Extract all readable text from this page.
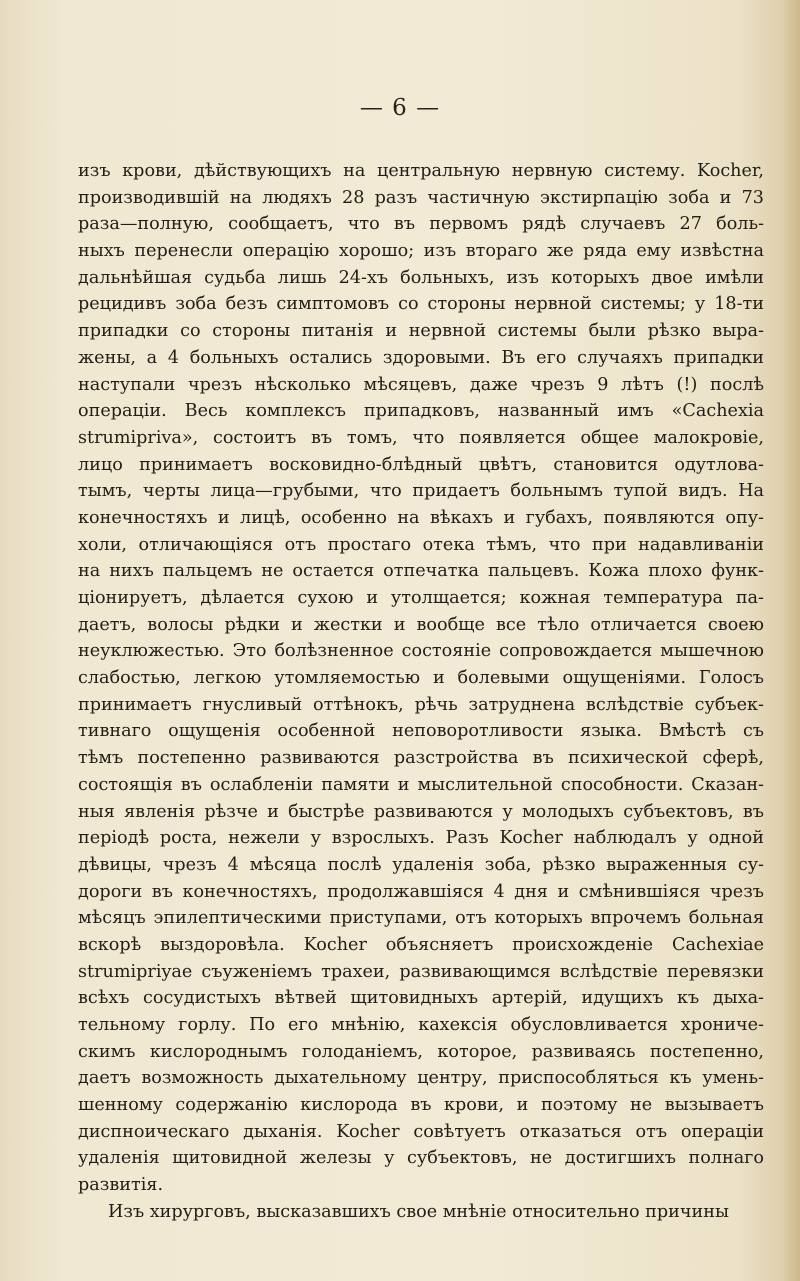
— 6 —
изъ крови, дѣйствующихъ на центральную нервную систему. Kocher,
производившій на людяхъ 28 разъ частичную экстирпацію зоба и 73
раза—полную, сообщаетъ, что въ первомъ рядѣ случаевъ 27 боль-
ныхъ перенесли операцію хорошо; изъ втораго же ряда ему извѣстна
дальнѣйшая судьба лишь 24-хъ больныхъ, изъ которыхъ двое имѣли
рецидивъ зоба безъ симптомовъ со стороны нервной системы; у 18-ти
припадки со стороны питанія и нервной системы были рѣзко выра-
жены, а 4 больныхъ остались здоровыми. Въ его случаяхъ припадки
наступали чрезъ нѣсколько мѣсяцевъ, даже чрезъ 9 лѣтъ (!) послѣ
операціи. Весь комплексъ припадковъ, названный имъ «Cachexia
strumipriva», состоитъ въ томъ, что появляется общее малокровіе,
лицо принимаетъ восковидно-блѣдный цвѣтъ, становится одутлова-
тымъ, черты лица—грубыми, что придаетъ больнымъ тупой видъ. На
конечностяхъ и лицѣ, особенно на вѣкахъ и губахъ, появляются опу-
холи, отличающіяся отъ простаго отека тѣмъ, что при надавливаніи
на нихъ пальцемъ не остается отпечатка пальцевъ. Кожа плохо функ-
ціонируетъ, дѣлается сухою и утолщается; кожная температура па-
даетъ, волосы рѣдки и жестки и вообще все тѣло отличается своею
неуклюжестью. Это болѣзненное состояніе сопровождается мышечною
слабостью, легкою утомляемостью и болевыми ощущеніями. Голосъ
принимаетъ гнусливый оттѣнокъ, рѣчь затруднена вслѣдствіе субъек-
тивнаго ощущенія особенной неповоротливости языка. Вмѣстѣ съ
тѣмъ постепенно развиваются разстройства въ психической сферѣ,
состоящія въ ослабленіи памяти и мыслительной способности. Сказан-
ныя явленія рѣзче и быстрѣе развиваются у молодыхъ субъектовъ, въ
періодѣ роста, нежели у взрослыхъ. Разъ Kocher наблюдалъ у одной
дѣвицы, чрезъ 4 мѣсяца послѣ удаленія зоба, рѣзко выраженныя су-
дороги въ конечностяхъ, продолжавшіяся 4 дня и смѣнившіяся чрезъ
мѣсяцъ эпилептическими приступами, отъ которыхъ впрочемъ больная
вскорѣ выздоровѣла. Kocher объясняетъ происхожденіе Cachexiae
strumipriyae съуженіемъ трахеи, развивающимся вслѣдствіе перевязки
всѣхъ сосудистыхъ вѣтвей щитовидныхъ артерій, идущихъ къ дыха-
тельному горлу. По его мнѣнію, кахексія обусловливается хрониче-
скимъ кислороднымъ голоданіемъ, которое, развиваясь постепенно,
даетъ возможность дыхательному центру, приспособляться къ умень-
шенному содержанію кислорода въ крови, и поэтому не вызываетъ
диспноическаго дыханія. Kocher совѣтуетъ отказаться отъ операціи
удаленія щитовидной железы у субъектовъ, не достигшихъ полнаго
развитія.
Изъ хирурговъ, высказавшихъ свое мнѣніе относительно причины
